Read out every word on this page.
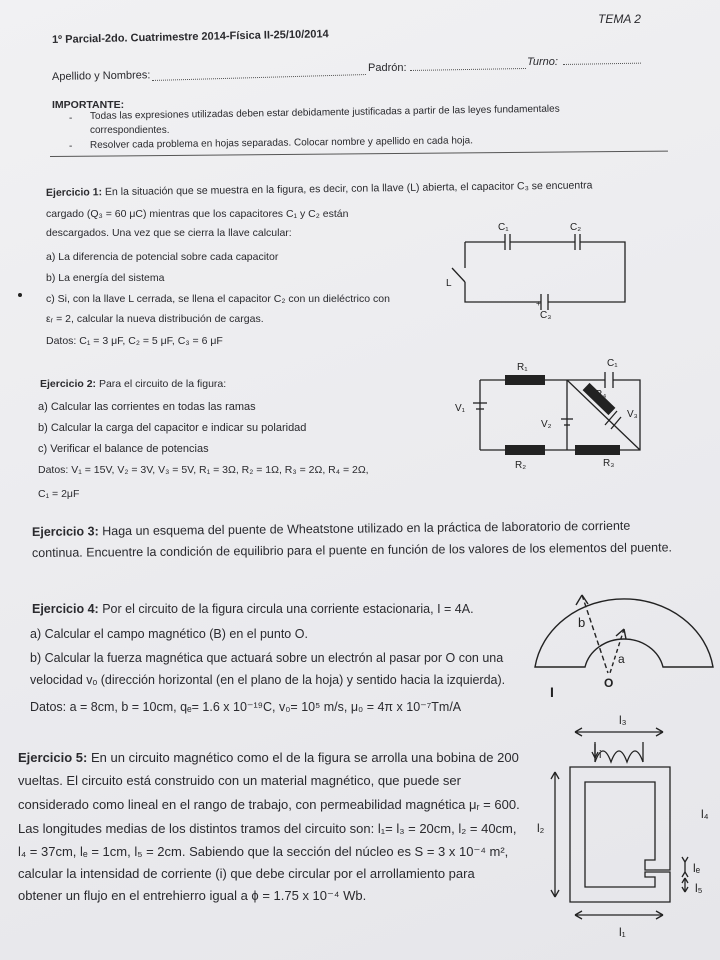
TEMA 2
1º Parcial-2do. Cuatrimestre 2014-Física II-25/10/2014
Apellido y Nombres:
Padrón:	Turno:
IMPORTANTE:
- Todas las expresiones utilizadas deben estar debidamente justificadas a partir de las leyes fundamentales
correspondientes.
- Resolver cada problema en hojas separadas. Colocar nombre y apellido en cada hoja.
Ejercicio 1: En la situación que se muestra en la figura, es decir, con la llave (L) abierta, el capacitor C₃ se encuentra
cargado (Q₃ = 60 μC) mientras que los capacitores C₁ y C₂ están
descargados. Una vez que se cierra la llave calcular:
a) La diferencia de potencial sobre cada capacitor
b) La energía del sistema
c) Si, con la llave L cerrada, se llena el capacitor C₂ con un dieléctrico con
εᵣ = 2, calcular la nueva distribución de cargas.
Datos: C₁ = 3 μF, C₂ = 5 μF, C₃ = 6 μF
C₁	C₂
C₃
L
+
Ejercicio 2: Para el circuito de la figura:
a) Calcular las corrientes en todas las ramas
b) Calcular la carga del capacitor e indicar su polaridad
c) Verificar el balance de potencias
Datos: V₁ = 15V, V₂ = 3V, V₃ = 5V, R₁ = 3Ω, R₂ = 1Ω, R₃ = 2Ω, R₄ = 2Ω,
C₁ = 2μF
R₁
R₂	R₃
R₄
C₁
V₁
V₂
V₃
Ejercicio 3: Haga un esquema del puente de Wheatstone utilizado en la práctica de laboratorio de corriente
continua. Encuentre la condición de equilibrio para el puente en función de los valores de los elementos del puente.
Ejercicio 4: Por el circuito de la figura circula una corriente estacionaria, I = 4A.
a) Calcular el campo magnético (B) en el punto O.
b) Calcular la fuerza magnética que actuará sobre un electrón al pasar por O con una
velocidad vₒ (dirección horizontal (en el plano de la hoja) y sentido hacia la izquierda).
Datos: a = 8cm, b = 10cm, qₑ= 1.6 x 10⁻¹⁹C, v₀= 10⁵ m/s, μ₀ = 4π x 10⁻⁷Tm/A
b
a
O
I
Ejercicio 5: En un circuito magnético como el de la figura se arrolla una bobina de 200
vueltas. El circuito está construido con un material magnético, que puede ser
considerado como lineal en el rango de trabajo, con permeabilidad magnética μᵣ = 600.
Las longitudes medias de los distintos tramos del circuito son: l₁= l₃ = 20cm, l₂ = 40cm,
l₄ = 37cm, lₑ = 1cm, l₅ = 2cm. Sabiendo que la sección del núcleo es S = 3 x 10⁻⁴ m²,
calcular la intensidad de corriente (i) que debe circular por el arrollamiento para
obtener un flujo en el entrehierro igual a ϕ = 1.75 x 10⁻⁴ Wb.
l₃
l₁
l₂
l₄
lₑ
l₅
i
